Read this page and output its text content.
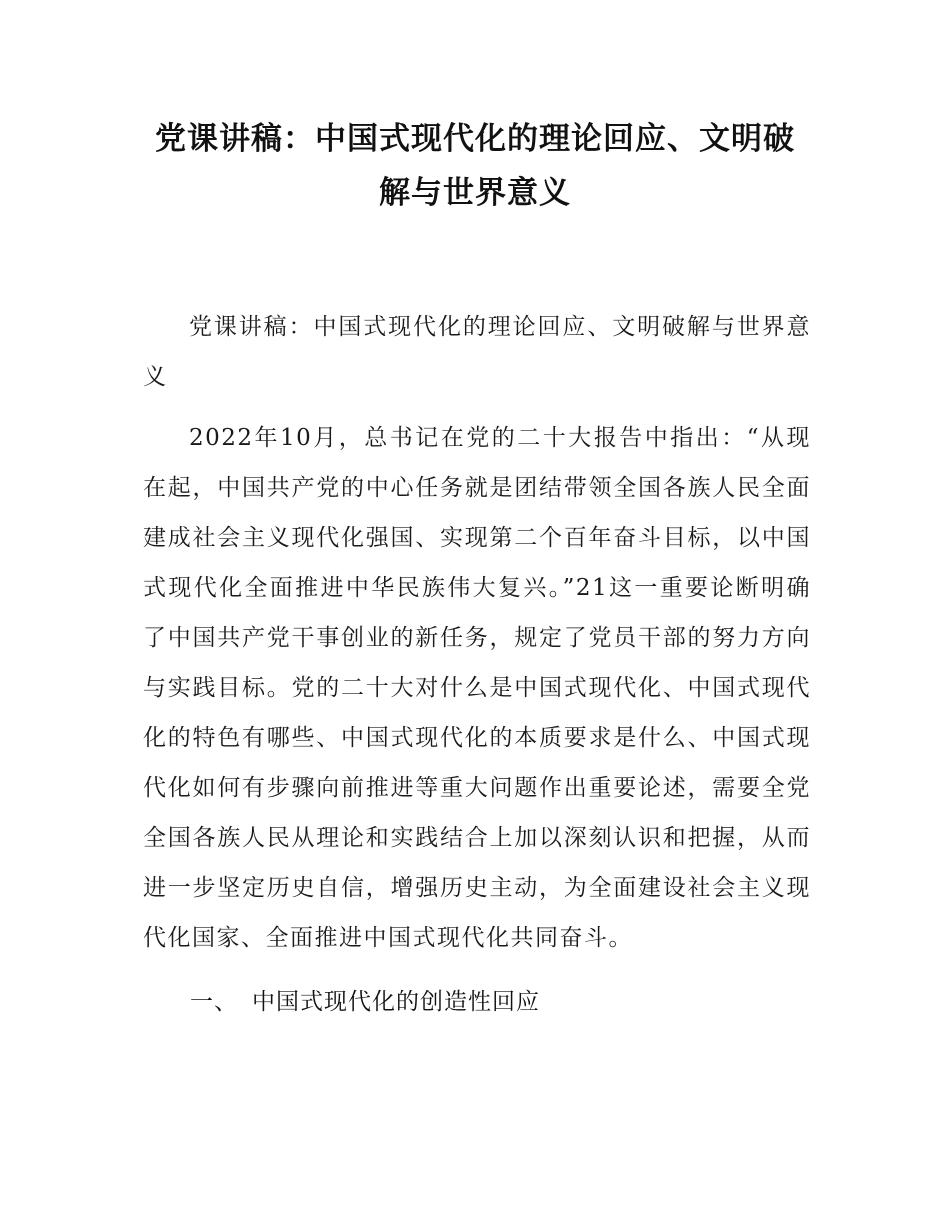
党课讲稿：中国式现代化的理论回应、文明破解与世界意义
党课讲稿：中国式现代化的理论回应、文明破解与世界意义
2022年10月，总书记在党的二十大报告中指出：“从现在起，中国共产党的中心任务就是团结带领全国各族人民全面建成社会主义现代化强国、实现第二个百年奋斗目标，以中国式现代化全面推进中华民族伟大复兴。”21这一重要论断明确了中国共产党干事创业的新任务，规定了党员干部的努力方向与实践目标。党的二十大对什么是中国式现代化、中国式现代化的特色有哪些、中国式现代化的本质要求是什么、中国式现代化如何有步骤向前推进等重大问题作出重要论述，需要全党全国各族人民从理论和实践结合上加以深刻认识和把握，从而进一步坚定历史自信，增强历史主动，为全面建设社会主义现代化国家、全面推进中国式现代化共同奋斗。
一、 中国式现代化的创造性回应
